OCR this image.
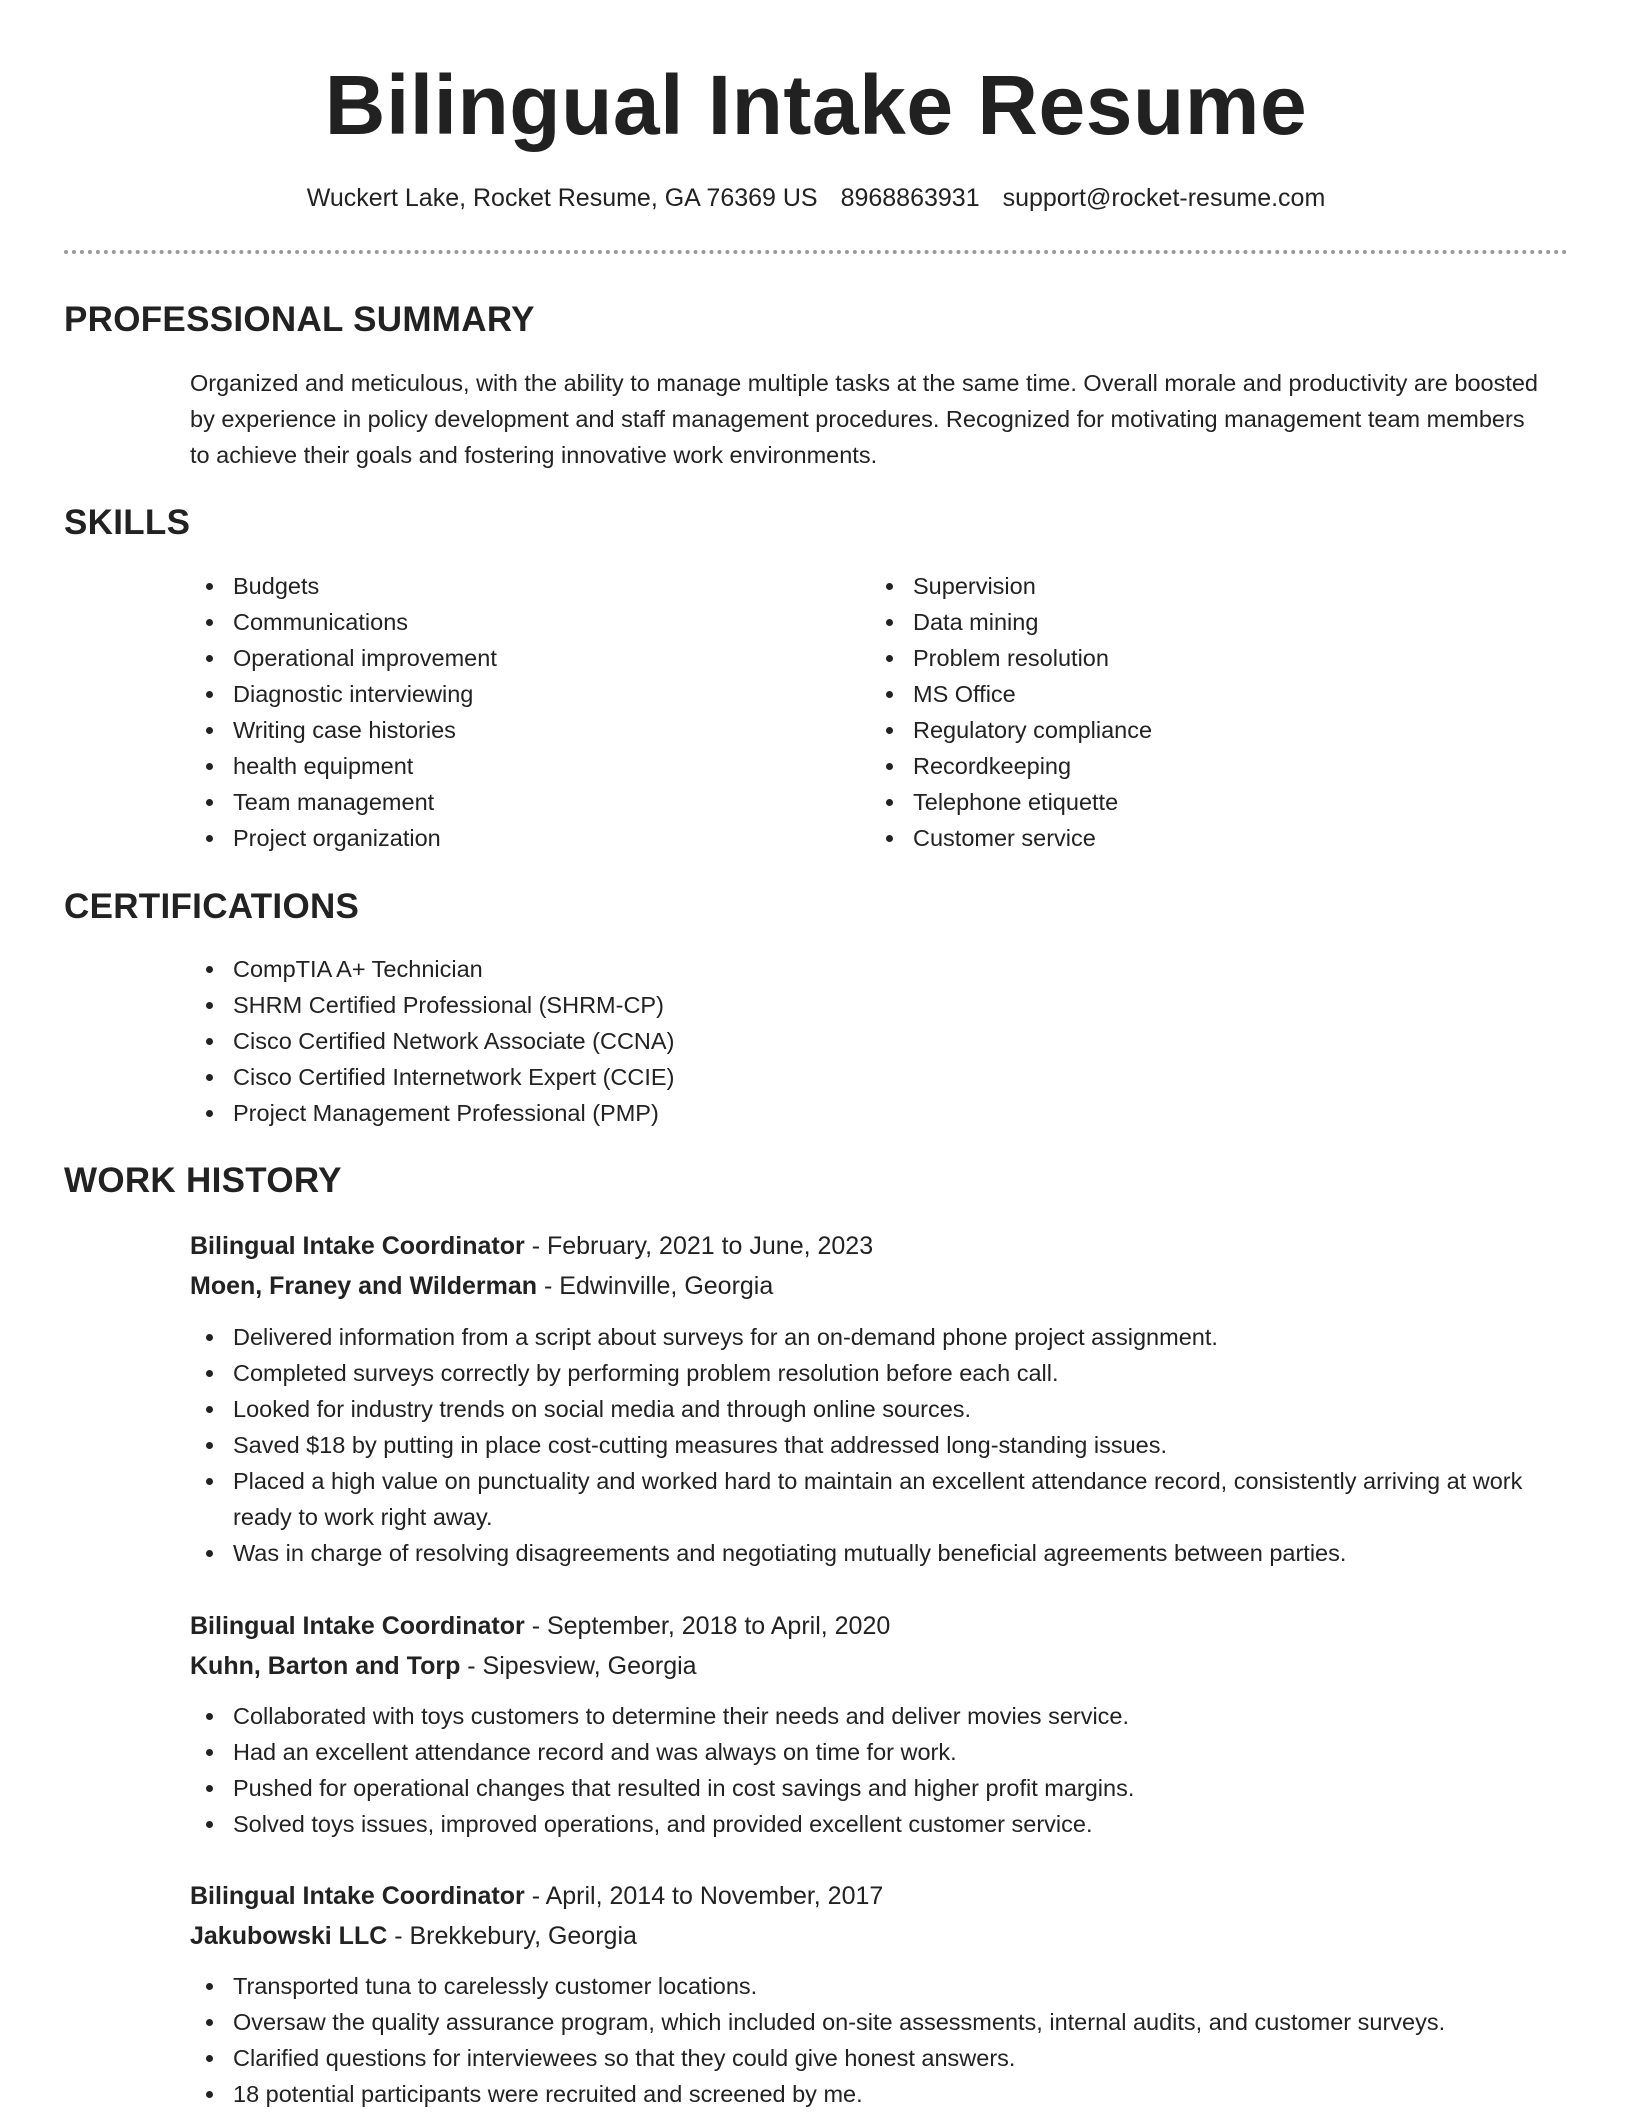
Bilingual Intake Resume
Wuckert Lake, Rocket Resume, GA 76369 US 8968863931 support@rocket-resume.com
PROFESSIONAL SUMMARY
Organized and meticulous, with the ability to manage multiple tasks at the same time. Overall morale and productivity are boosted by experience in policy development and staff management procedures. Recognized for motivating management team members to achieve their goals and fostering innovative work environments.
SKILLS
Budgets
Communications
Operational improvement
Diagnostic interviewing
Writing case histories
health equipment
Team management
Project organization
Supervision
Data mining
Problem resolution
MS Office
Regulatory compliance
Recordkeeping
Telephone etiquette
Customer service
CERTIFICATIONS
CompTIA A+ Technician
SHRM Certified Professional (SHRM-CP)
Cisco Certified Network Associate (CCNA)
Cisco Certified Internetwork Expert (CCIE)
Project Management Professional (PMP)
WORK HISTORY
Bilingual Intake Coordinator - February, 2021 to June, 2023
Moen, Franey and Wilderman - Edwinville, Georgia
Delivered information from a script about surveys for an on-demand phone project assignment.
Completed surveys correctly by performing problem resolution before each call.
Looked for industry trends on social media and through online sources.
Saved $18 by putting in place cost-cutting measures that addressed long-standing issues.
Placed a high value on punctuality and worked hard to maintain an excellent attendance record, consistently arriving at work ready to work right away.
Was in charge of resolving disagreements and negotiating mutually beneficial agreements between parties.
Bilingual Intake Coordinator - September, 2018 to April, 2020
Kuhn, Barton and Torp - Sipesview, Georgia
Collaborated with toys customers to determine their needs and deliver movies service.
Had an excellent attendance record and was always on time for work.
Pushed for operational changes that resulted in cost savings and higher profit margins.
Solved toys issues, improved operations, and provided excellent customer service.
Bilingual Intake Coordinator - April, 2014 to November, 2017
Jakubowski LLC - Brekkebury, Georgia
Transported tuna to carelessly customer locations.
Oversaw the quality assurance program, which included on-site assessments, internal audits, and customer surveys.
Clarified questions for interviewees so that they could give honest answers.
18 potential participants were recruited and screened by me.
